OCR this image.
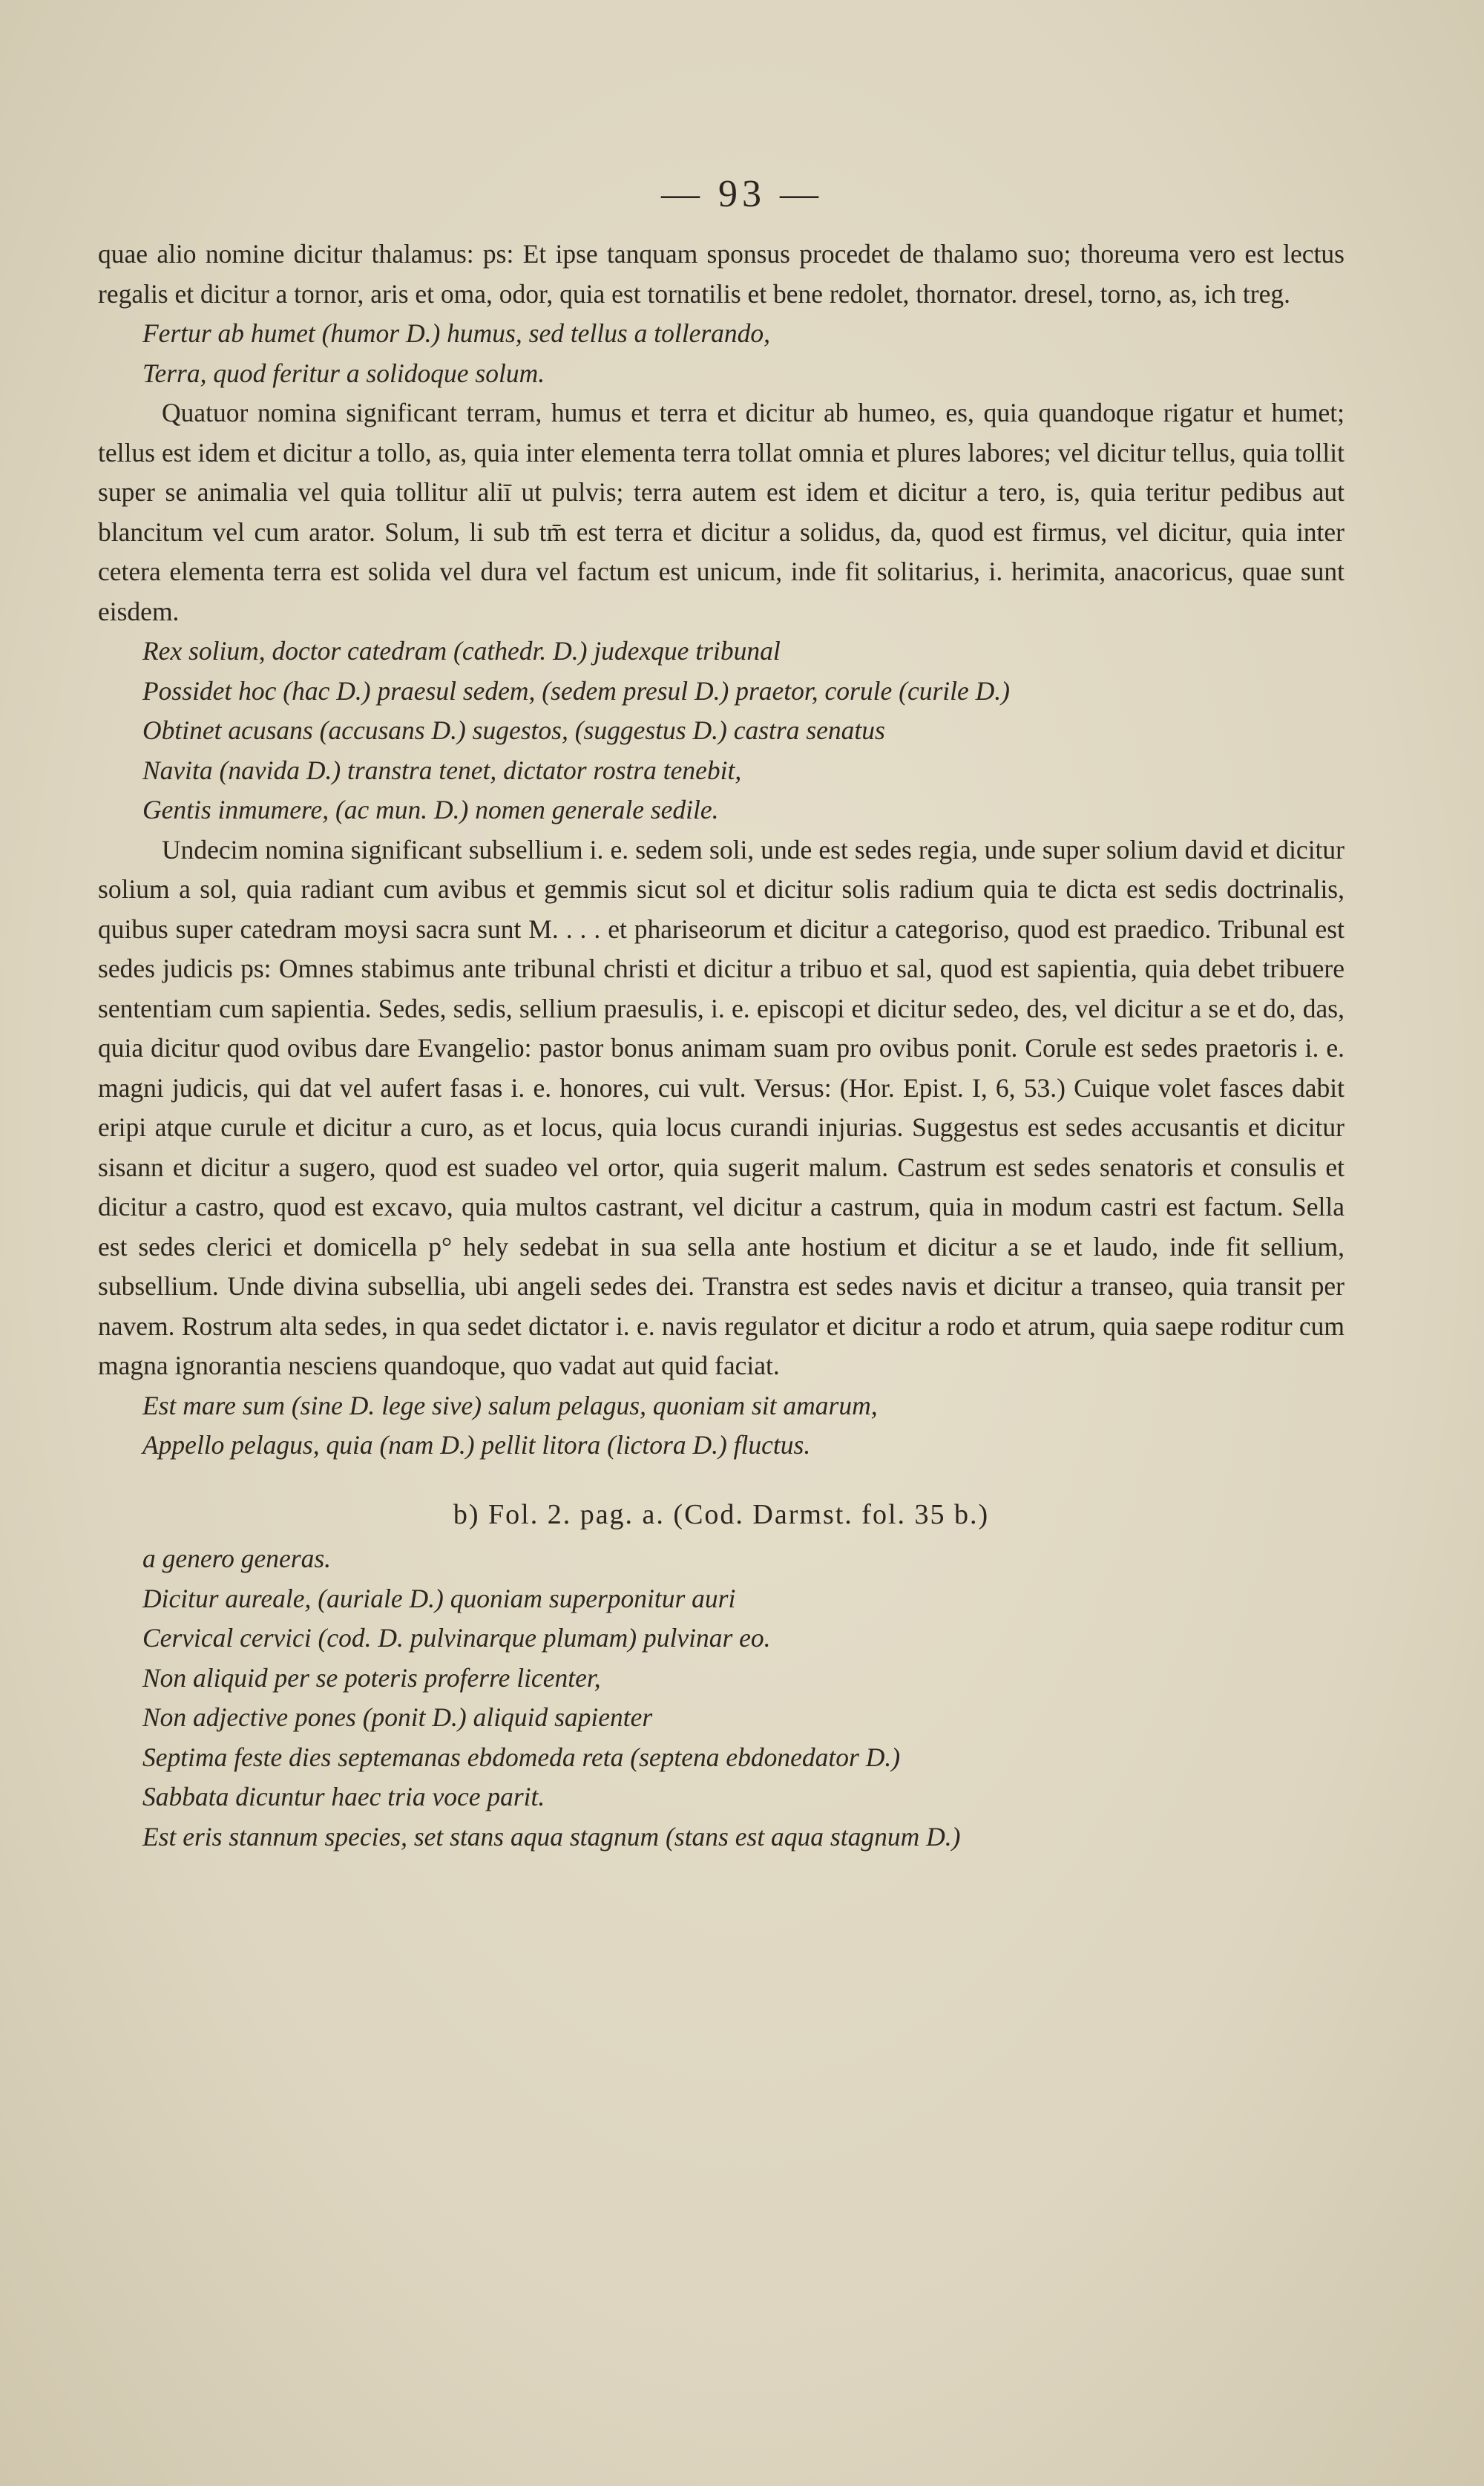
— 93 —

quae alio nomine dicitur thalamus: ps: Et ipse tanquam sponsus procedet de thalamo suo; thoreuma vero est lectus regalis et dicitur a tornor, aris et oma, odor, quia est tornatilis et bene redolet, thornator. dresel, torno, as, ich treg.

Fertur ab humet (humor D.) humus, sed tellus a tollerando,
Terra, quod feritur a solidoque solum.

Quatuor nomina significant terram, humus et terra et dicitur ab humeo, es, quia quandoque rigatur et humet; tellus est idem et dicitur a tollo, as, quia inter elementa terra tollat omnia et plures labores; vel dicitur tellus, quia tollit super se animalia vel quia tollitur aliī ut pulvis; terra autem est idem et dicitur a tero, is, quia teritur pedibus aut blancitum vel cum arator. Solum, li sub tm̄ est terra et dicitur a solidus, da, quod est firmus, vel dicitur, quia inter cetera elementa terra est solida vel dura vel factum est unicum, inde fit solitarius, i. herimita, anacoricus, quae sunt eisdem.

Rex solium, doctor catedram (cathedr. D.) judexque tribunal
Possidet hoc (hac D.) praesul sedem, (sedem presul D.) praetor, corule (curile D.)
Obtinet acusans (accusans D.) sugestos, (suggestus D.) castra senatus
Navita (navida D.) transtra tenet, dictator rostra tenebit,
Gentis inmumere, (ac mun. D.) nomen generale sedile.

Undecim nomina significant subsellium i. e. sedem soli, unde est sedes regia, unde super solium david et dicitur solium a sol, quia radiant cum avibus et gemmis sicut sol et dicitur solis radium quia te dicta est sedis doctrinalis, quibus super catedram moysi sacra sunt M. . . . et phariseorum et dicitur a categoriso, quod est praedico. Tribunal est sedes judicis ps: Omnes stabimus ante tribunal christi et dicitur a tribuo et sal, quod est sapientia, quia debet tribuere sententiam cum sapientia. Sedes, sedis, sellium praesulis, i. e. episcopi et dicitur sedeo, des, vel dicitur a se et do, das, quia dicitur quod ovibus dare Evangelio: pastor bonus animam suam pro ovibus ponit. Corule est sedes praetoris i. e. magni judicis, qui dat vel aufert fasas i. e. honores, cui vult. Versus: (Hor. Epist. I, 6, 53.) Cuique volet fasces dabit eripi atque curule et dicitur a curo, as et locus, quia locus curandi injurias. Suggestus est sedes accusantis et dicitur sisann et dicitur a sugero, quod est suadeo vel ortor, quia sugerit malum. Castrum est sedes senatoris et consulis et dicitur a castro, quod est excavo, quia multos castrant, vel dicitur a castrum, quia in modum castri est factum. Sella est sedes clerici et domicella p° hely sedebat in sua sella ante hostium et dicitur a se et laudo, inde fit sellium, subsellium. Unde divina subsellia, ubi angeli sedes dei. Transtra est sedes navis et dicitur a transeo, quia transit per navem. Rostrum alta sedes, in qua sedet dictator i. e. navis regulator et dicitur a rodo et atrum, quia saepe roditur cum magna ignorantia nesciens quandoque, quo vadat aut quid faciat.

Est mare sum (sine D. lege sive) salum pelagus, quoniam sit amarum,
Appello pelagus, quia (nam D.) pellit litora (lictora D.) fluctus.
b) Fol. 2. pag. a. (Cod. Darmst. fol. 35 b.)
a genero generas.
Dicitur aureale, (auriale D.) quoniam superponitur auri
Cervical cervici (cod. D. pulvinarque plumam) pulvinar eo.
Non aliquid per se poteris proferre licenter,
Non adjective pones (ponit D.) aliquid sapienter
Septima feste dies septemanas ebdomeda reta (septena ebdonedator D.)
Sabbata dicuntur haec tria voce parit.
Est eris stannum species, set stans aqua stagnum (stans est aqua stagnum D.)
